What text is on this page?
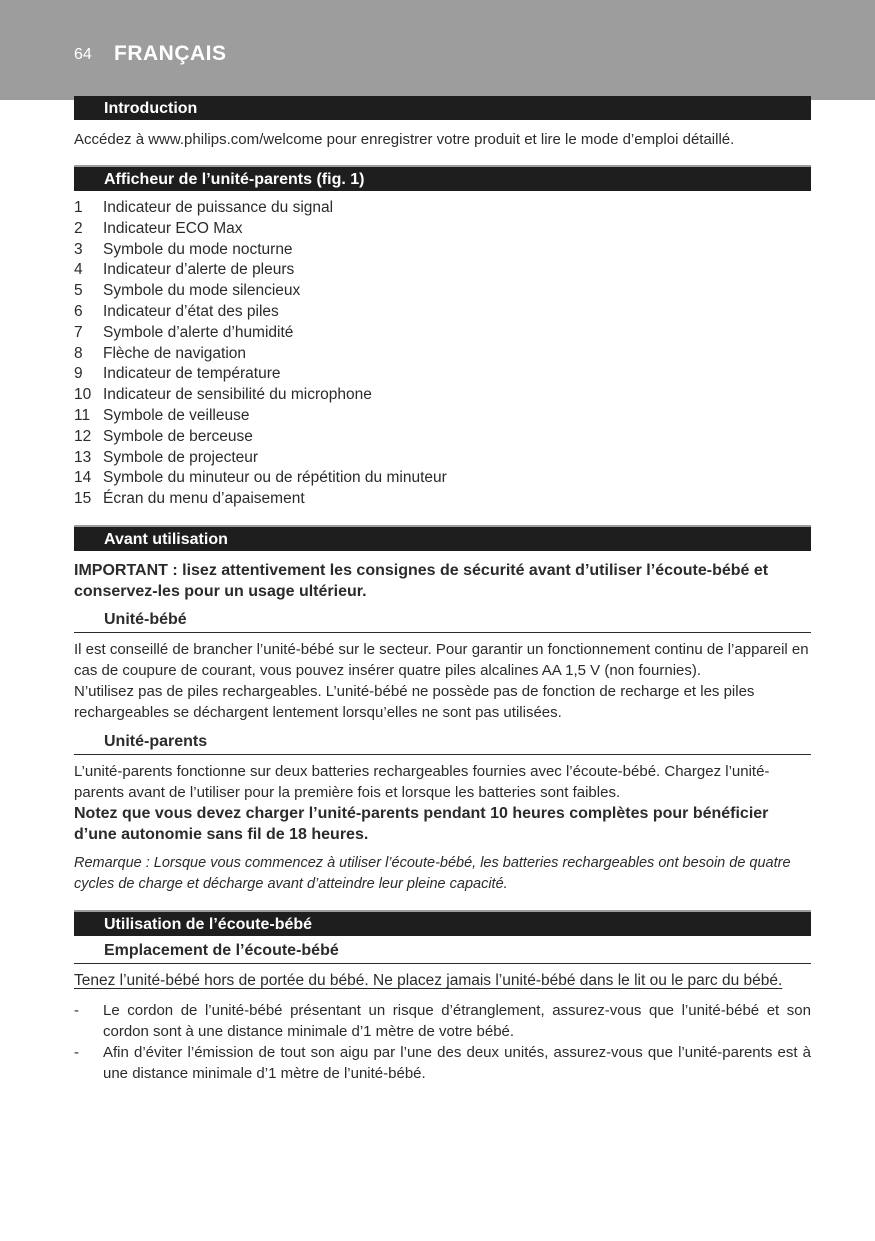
64 FRANÇAIS
Introduction

Accédez à www.philips.com/welcome pour enregistrer votre produit et lire le mode d’emploi détaillé.

Afficheur de l’unité-parents (fig. 1)
1	Indicateur de puissance du signal
2	Indicateur ECO Max
3	Symbole du mode nocturne
4	Indicateur d’alerte de pleurs
5	Symbole du mode silencieux
6	Indicateur d’état des piles
7	Symbole d’alerte d’humidité
8	Flèche de navigation
9	Indicateur de température
10 Indicateur de sensibilité du microphone
11 Symbole de veilleuse
12 Symbole de berceuse
13 Symbole de projecteur
14 Symbole du minuteur ou de répétition du minuteur
15 Écran du menu d’apaisement
Avant utilisation

IMPORTANT : lisez attentivement les consignes de sécurité avant d’utiliser l’écoute-bébé et conservez-les pour un usage ultérieur.

Unité-bébé

Il est conseillé de brancher l’unité-bébé sur le secteur. Pour garantir un fonctionnement continu de l’appareil en cas de coupure de courant, vous pouvez insérer quatre piles alcalines AA 1,5 V (non fournies).

N’utilisez pas de piles rechargeables. L’unité-bébé ne possède pas de fonction de recharge et les piles rechargeables se déchargent lentement lorsqu’elles ne sont pas utilisées.

Unité-parents

L’unité-parents fonctionne sur deux batteries rechargeables fournies avec l’écoute-bébé. Chargez l’unité-parents avant de l’utiliser pour la première fois et lorsque les batteries sont faibles.

Notez que vous devez charger l’unité-parents pendant 10 heures complètes pour bénéficier d’une autonomie sans fil de 18 heures.

Remarque : Lorsque vous commencez à utiliser l’écoute-bébé, les batteries rechargeables ont besoin de quatre cycles de charge et décharge avant d’atteindre leur pleine capacité.

Utilisation de l’écoute-bébé
Emplacement de l’écoute-bébé

Tenez l’unité-bébé hors de portée du bébé. Ne placez jamais l’unité-bébé dans le lit ou le parc du bébé.

-	Le cordon de l’unité-bébé présentant un risque d’étranglement, assurez-vous que l’unité-bébé et son cordon sont à une distance minimale d’1 mètre de votre bébé.
-	Afin d’éviter l’émission de tout son aigu par l’une des deux unités, assurez-vous que l’unité-parents est à une distance minimale d’1 mètre de l’unité-bébé.
